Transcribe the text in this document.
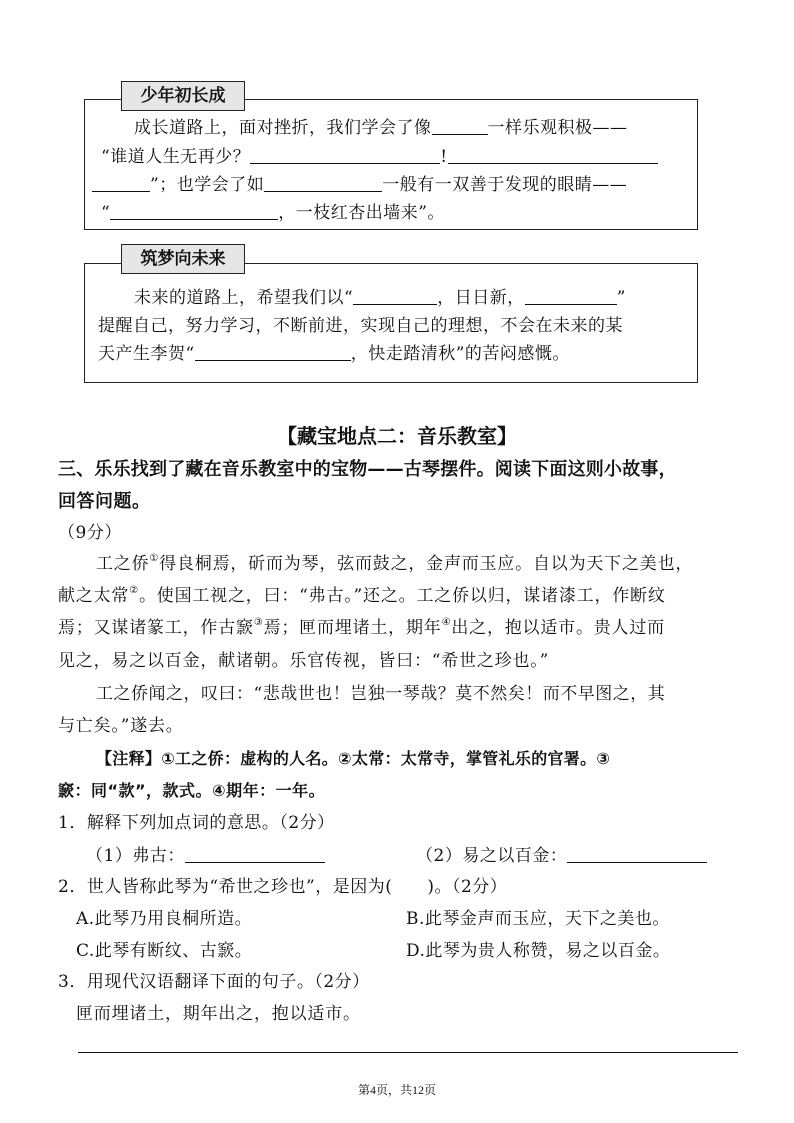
少年初长成
成长道路上，面对挫折，我们学会了像	一样乐观积极——
“谁道人生无再少？	!
”；也学会了如	一般有一双善于发现的眼睛——
“	，一枝红杏出墙来”。
筑梦向未来
未来的道路上，希望我们以“	，日日新，	”
提醒自己，努力学习，不断前进，实现自己的理想，不会在未来的某
天产生李贺“	，快走踏清秋”的苦闷感慨。
【藏宝地点二：音乐教室】
三、乐乐找到了藏在音乐教室中的宝物——古琴摆件。阅读下面这则小故事，
回答问题。
（9分）
工之侨①得良桐焉，斫而为琴，弦而鼓之，金声而玉应。自以为天下之美也，
献之太常②。使国工视之，曰：“弗古。”还之。工之侨以归，谋诸漆工，作断纹
焉；又谋诸篆工，作古窾③焉；匣而埋诸土，期年④出之，抱以适市。贵人过而
见之，易之以百金，献诸朝。乐官传视，皆曰：“希世之珍也。”
工之侨闻之，叹曰：“悲哉世也！岂独一琴哉？莫不然矣！而不早图之，其
与亡矣。”遂去。
【注释】①工之侨：虚构的人名。②太常：太常寺，掌管礼乐的官署。③
窾：同“款”，款式。④期年：一年。
1．解释下列加点词的意思。（2分）
（1）弗古：	（2）易之以百金：
2．世人皆称此琴为“希世之珍也”，是因为(　　)。（2分）
A.此琴乃用良桐所造。	B.此琴金声而玉应，天下之美也。
C.此琴有断纹、古窾。	D.此琴为贵人称赞，易之以百金。
3．用现代汉语翻译下面的句子。（2分）
匣而埋诸土，期年出之，抱以适市。
第4页，共12页
